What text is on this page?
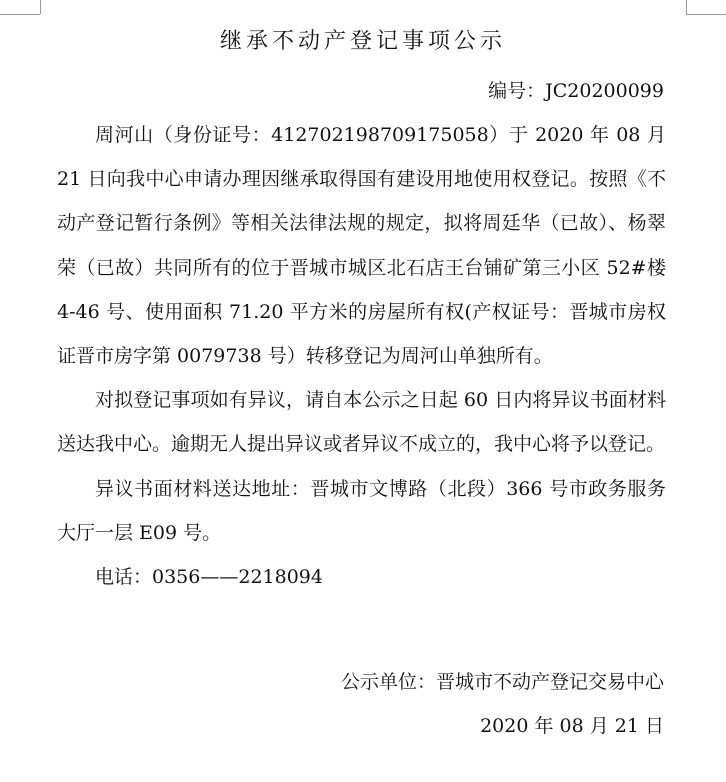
继承不动产登记事项公示
编号：JC20200099

周河山（身份证号：412702198709175058）于 2020 年 08 月 21 日向我中心申请办理因继承取得国有建设用地使用权登记。按照《不动产登记暂行条例》等相关法律法规的规定，拟将周廷华（已故）、杨翠荣（已故）共同所有的位于晋城市城区北石店王台铺矿第三小区 52#楼 4-46 号、使用面积 71.20 平方米的房屋所有权(产权证号：晋城市房权证晋市房字第 0079738 号）转移登记为周河山单独所有。

对拟登记事项如有异议，请自本公示之日起 60 日内将异议书面材料送达我中心。逾期无人提出异议或者异议不成立的，我中心将予以登记。

异议书面材料送达地址：晋城市文博路（北段）366 号市政务服务大厅一层 E09 号。

电话：0356——2218094

公示单位：晋城市不动产登记交易中心
2020 年 08 月 21 日
